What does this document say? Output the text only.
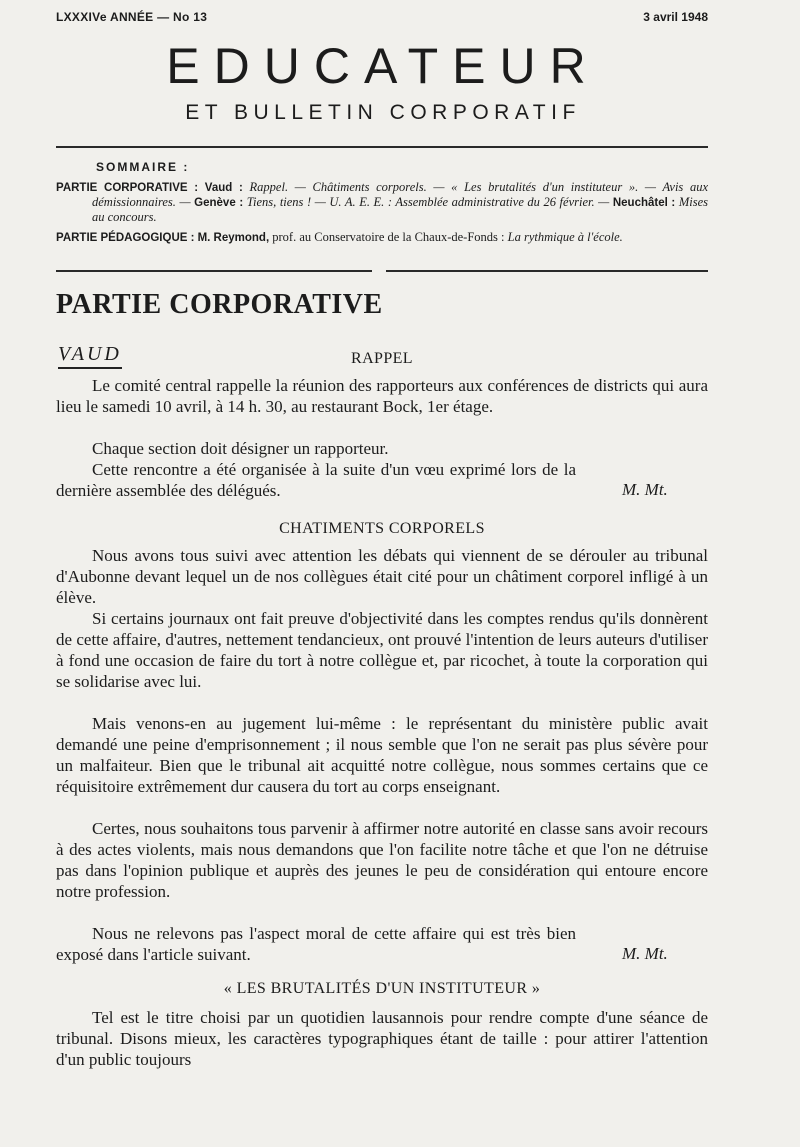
LXXXIVe ANNÉE — No 13	3 avril 1948
EDUCATEUR
ET BULLETIN CORPORATIF
SOMMAIRE :
PARTIE CORPORATIVE : Vaud : Rappel. — Châtiments corporels. — « Les brutalités d'un instituteur ». — Avis aux démissionnaires. — Genève : Tiens, tiens ! — U. A. E. E. : Assemblée administrative du 26 février. — Neuchâtel : Mises au concours.
PARTIE PÉDAGOGIQUE : M. Reymond, prof. au Conservatoire de la Chaux-de-Fonds : La rythmique à l'école.
PARTIE CORPORATIVE
VAUD	RAPPEL
Le comité central rappelle la réunion des rapporteurs aux conférences de districts qui aura lieu le samedi 10 avril, à 14 h. 30, au restaurant Bock, 1er étage.
Chaque section doit désigner un rapporteur.
Cette rencontre a été organisée à la suite d'un vœu exprimé lors de la dernière assemblée des délégués.	M. Mt.
CHATIMENTS CORPORELS
Nous avons tous suivi avec attention les débats qui viennent de se dérouler au tribunal d'Aubonne devant lequel un de nos collègues était cité pour un châtiment corporel infligé à un élève.
Si certains journaux ont fait preuve d'objectivité dans les comptes rendus qu'ils donnèrent de cette affaire, d'autres, nettement tendancieux, ont prouvé l'intention de leurs auteurs d'utiliser à fond une occasion de faire du tort à notre collègue et, par ricochet, à toute la corporation qui se solidarise avec lui.
Mais venons-en au jugement lui-même : le représentant du ministère public avait demandé une peine d'emprisonnement ; il nous semble que l'on ne serait pas plus sévère pour un malfaiteur. Bien que le tribunal ait acquitté notre collègue, nous sommes certains que ce réquisitoire extrêmement dur causera du tort au corps enseignant.
Certes, nous souhaitons tous parvenir à affirmer notre autorité en classe sans avoir recours à des actes violents, mais nous demandons que l'on facilite notre tâche et que l'on ne détruise pas dans l'opinion publique et auprès des jeunes le peu de considération qui entoure encore notre profession.
Nous ne relevons pas l'aspect moral de cette affaire qui est très bien exposé dans l'article suivant.	M. Mt.
« LES BRUTALITÉS D'UN INSTITUTEUR »
Tel est le titre choisi par un quotidien lausannois pour rendre compte d'une séance de tribunal. Disons mieux, les caractères typographiques étant de taille : pour attirer l'attention d'un public toujours
